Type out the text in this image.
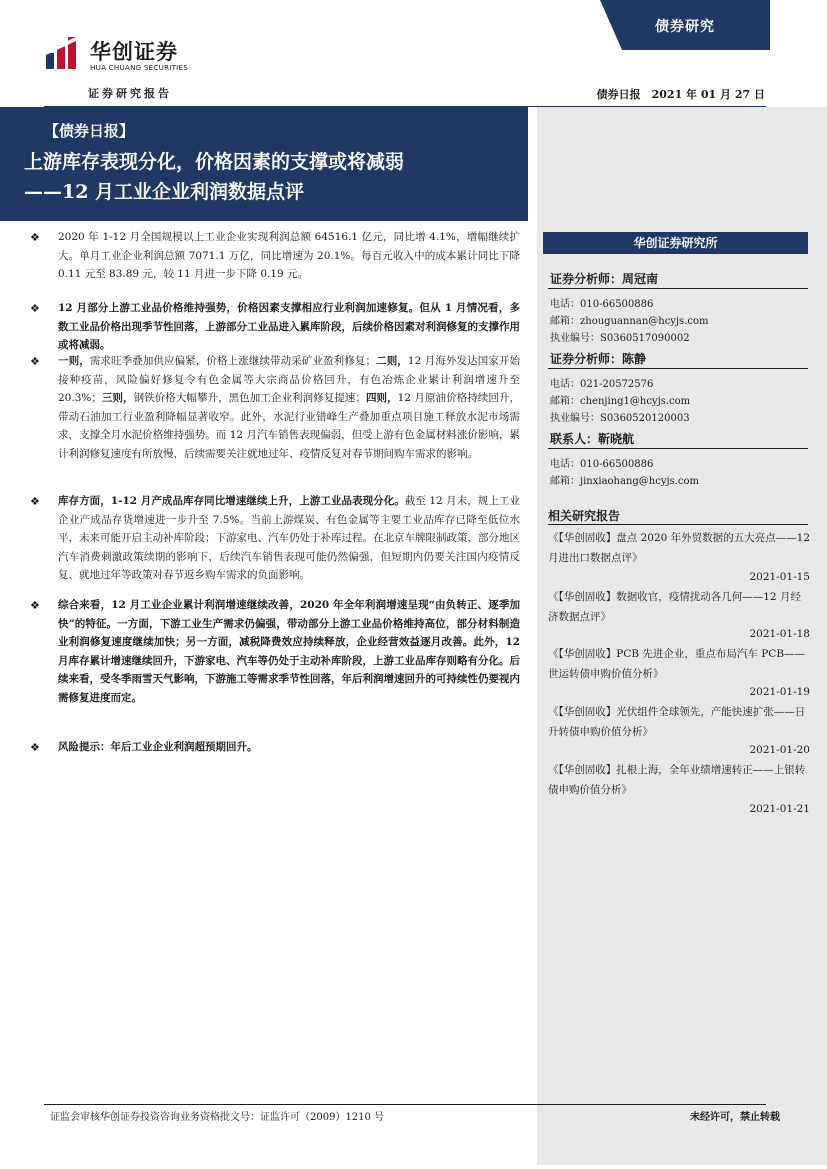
华创证券
HUA CHUANG SECURITIES
证券研究报告
债券研究
债券日报　2021 年 01 月 27 日
【债券日报】
上游库存表现分化，价格因素的支撑或将减弱
——12 月工业企业利润数据点评
华创证券研究所
证券分析师：周冠南
电话：010-66500886
邮箱：zhouguannan@hcyjs.com
执业编号：S0360517090002
证券分析师：陈静
电话：021-20572576
邮箱：chenjing1@hcyjs.com
执业编号：S0360520120003
联系人：靳晓航
电话：010-66500886
邮箱：jinxiaohang@hcyjs.com
相关研究报告
《【华创固收】盘点 2020 年外贸数据的五大亮点——12 月进出口数据点评》
2021-01-15
《【华创固收】数据收官，疫情扰动各几何——12 月经济数据点评》
2021-01-18
《【华创固收】PCB 先进企业，重点布局汽车 PCB——世运转债申购价值分析》
2021-01-19
《【华创固收】光伏组件全球领先，产能快速扩张——日升转债申购价值分析》
2021-01-20
《【华创固收】扎根上海，全年业绩增速转正——上银转债申购价值分析》
2021-01-21
❖ 2020 年 1-12 月全国规模以上工业企业实现利润总额 64516.1 亿元，同比增 4.1%，增幅继续扩大。单月工业企业利润总额 7071.1 万亿，同比增速为 20.1%。每百元收入中的成本累计同比下降 0.11 元至 83.89 元，较 11 月进一步下降 0.19 元。
❖ 12 月部分上游工业品价格维持强势，价格因素支撑相应行业利润加速修复。但从 1 月情况看，多数工业品价格出现季节性回落，上游部分工业品进入累库阶段，后续价格因素对利润修复的支撑作用或将减弱。
❖ 一则，需求旺季叠加供应偏紧，价格上涨继续带动采矿业盈利修复；二则，12 月海外发达国家开始接种疫苗，风险偏好修复令有色金属等大宗商品价格回升，有色冶炼企业累计利润增速升至 20.3%；三则，钢铁价格大幅攀升，黑色加工企业利润修复提速；四则，12 月原油价格持续回升，带动石油加工行业盈利降幅显著收窄。此外，水泥行业错峰生产叠加重点项目施工释放水泥市场需求，支撑全月水泥价格维持强势。而 12 月汽车销售表现偏弱，但受上游有色金属材料涨价影响，累计利润修复速度有所放慢，后续需要关注就地过年、疫情反复对春节期间购车需求的影响。
❖ 库存方面，1-12 月产成品库存同比增速继续上升，上游工业品表现分化。截至 12 月末，规上工业企业产成品存货增速进一步升至 7.5%。当前上游煤炭、有色金属等主要工业品库存已降至低位水平，未来可能开启主动补库阶段；下游家电、汽车仍处于补库过程。在北京车牌限制政策、部分地区汽车消费刺激政策续期的影响下，后续汽车销售表现可能仍然偏强，但短期内仍要关注国内疫情反复、就地过年等政策对春节返乡购车需求的负面影响。
❖ 综合来看，12 月工业企业累计利润增速继续改善，2020 年全年利润增速呈现“由负转正、逐季加快”的特征。一方面，下游工业生产需求仍偏强，带动部分上游工业品价格维持高位，部分材料制造业利润修复速度继续加快；另一方面，减税降费效应持续释放，企业经营效益逐月改善。此外，12 月库存累计增速继续回升，下游家电、汽车等仍处于主动补库阶段，上游工业品库存则略有分化。后续来看，受冬季雨雪天气影响，下游施工等需求季节性回落，年后利润增速回升的可持续性仍要视内需修复进度而定。
❖ 风险提示：年后工业企业利润超预期回升。
证监会审核华创证券投资咨询业务资格批文号：证监许可（2009）1210 号	未经许可，禁止转载
